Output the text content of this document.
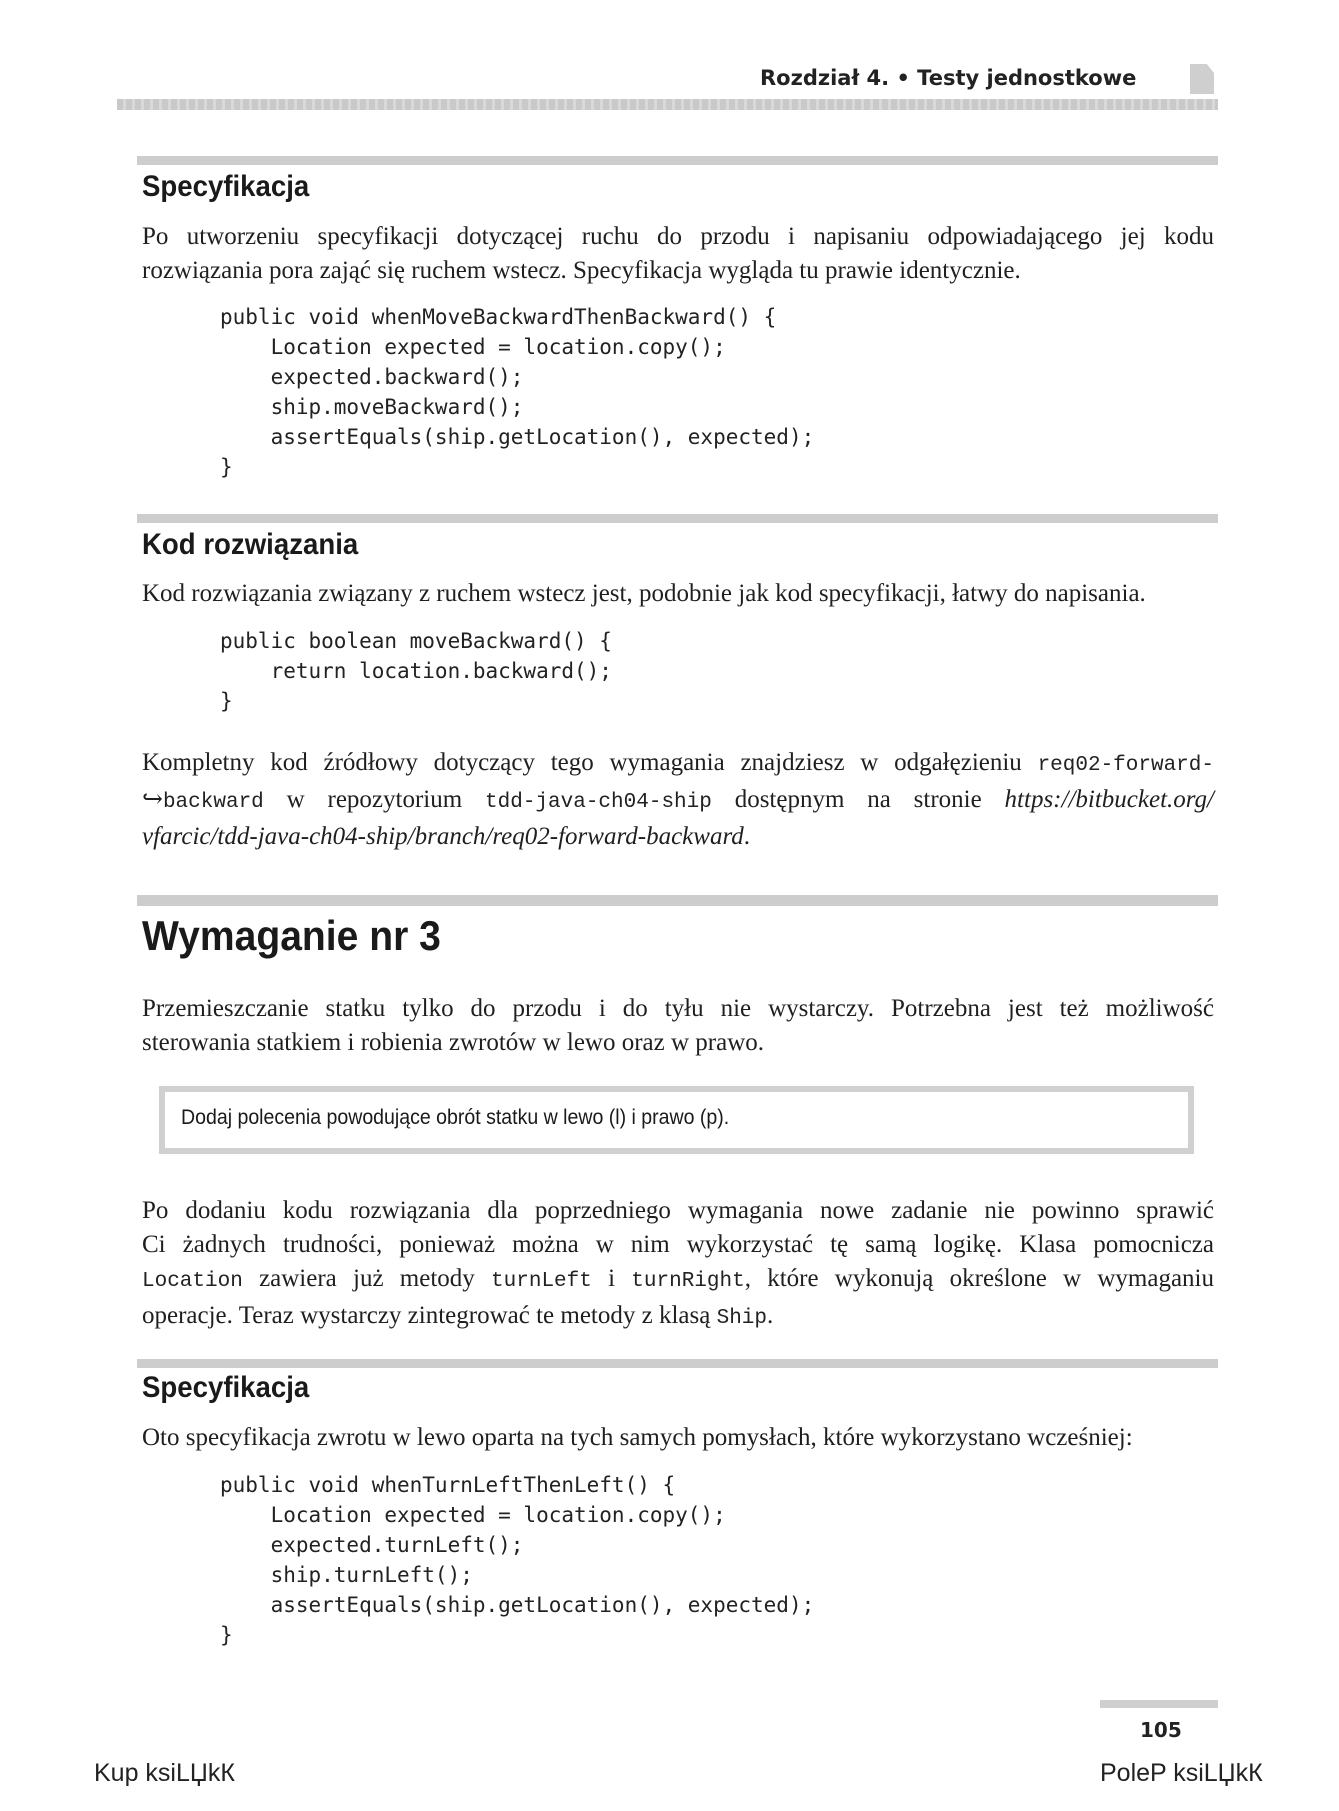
Rozdział 4. • Testy jednostkowe
Specyfikacja
Po utworzeniu specyfikacji dotyczącej ruchu do przodu i napisaniu odpowiadającego jej kodu
rozwiązania pora zająć się ruchem wstecz. Specyfikacja wygląda tu prawie identycznie.
public void whenMoveBackwardThenBackward() {
Location expected = location.copy();
expected.backward();
ship.moveBackward();
assertEquals(ship.getLocation(), expected);
}
Kod rozwiązania
Kod rozwiązania związany z ruchem wstecz jest, podobnie jak kod specyfikacji, łatwy do napisania.
public boolean moveBackward() {
return location.backward();
}
Kompletny kod źródłowy dotyczący tego wymagania znajdziesz w odgałęzieniu req02-forward-
↪backward w repozytorium tdd-java-ch04-ship dostępnym na stronie https://bitbucket.org/
vfarcic/tdd-java-ch04-ship/branch/req02-forward-backward.
Wymaganie nr 3
Przemieszczanie statku tylko do przodu i do tyłu nie wystarczy. Potrzebna jest też możliwość
sterowania statkiem i robienia zwrotów w lewo oraz w prawo.
Dodaj polecenia powodujące obrót statku w lewo (l) i prawo (p).
Po dodaniu kodu rozwiązania dla poprzedniego wymagania nowe zadanie nie powinno sprawić
Ci żadnych trudności, ponieważ można w nim wykorzystać tę samą logikę. Klasa pomocnicza
Location zawiera już metody turnLeft i turnRight, które wykonują określone w wymaganiu
operacje. Teraz wystarczy zintegrować te metody z klasą Ship.
Specyfikacja
Oto specyfikacja zwrotu w lewo oparta na tych samych pomysłach, które wykorzystano wcześniej:
public void whenTurnLeftThenLeft() {
Location expected = location.copy();
expected.turnLeft();
ship.turnLeft();
assertEquals(ship.getLocation(), expected);
}
105
Kup ksiLЏkК	PoleP ksiLЏkК
